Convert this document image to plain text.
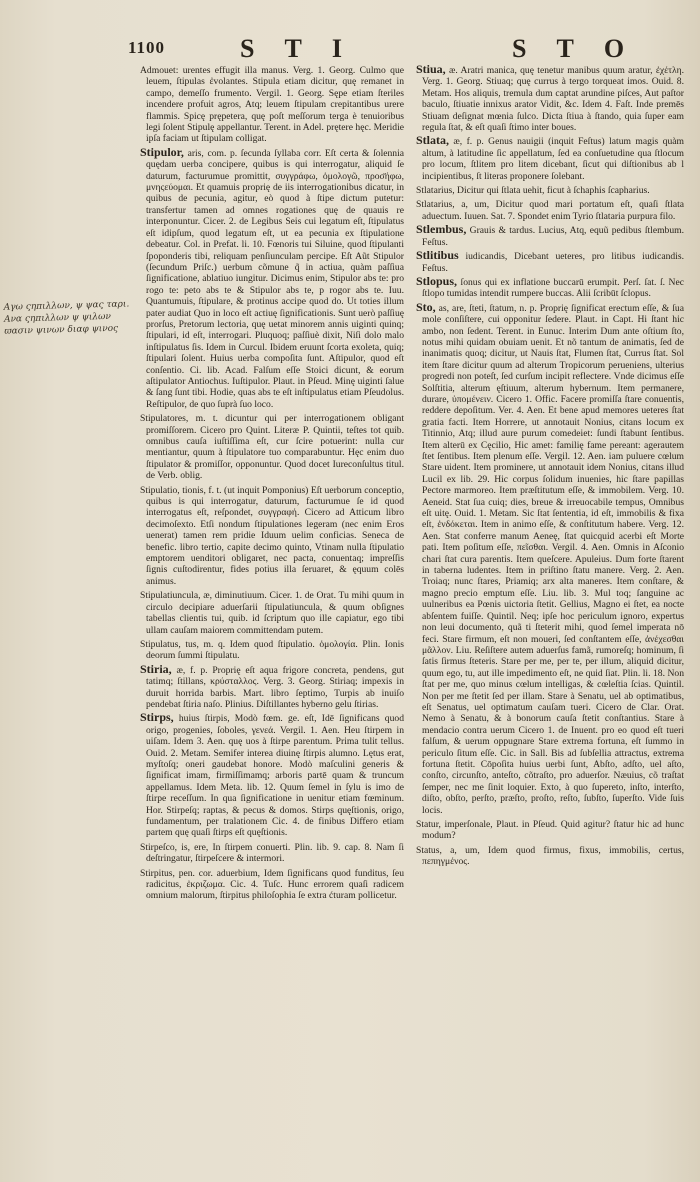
1100	S T I	S T O
Αγω ςηπιλλων, ψ ψας ταρι. Ανα ςηπιλλων ψ ψιλων ϖασιν ψινων διαφ ψινος

Admouet: urentes effugit illa manus. Verg. 1. Georg. Culmo que leuem, ſtipulas ἐvolantes. Stipula etiam dicitur, quę remanet in campo, demeſſo frumento. Vergil. 1. Georg. Sępe etiam ſteriles incendere profuit agros, Atq; leuem ſtipulam crepitantibus urere flammis. Spicę prępetera, quę poſt meſſorum terga è tenuioribus legi ſolent Stipulę appellantur. Terent. in Adel. prętere hęc. Meridie ipſa faciam ut ſtipulam colligat.

Stipulor, aris, com. p. ſecunda ſyllaba corr. Eſt certa & ſolennia quędam uerba concipere, quibus is qui interrogatur, aliquid ſe daturum, facturumue promittit, συγγράφω, ὁμολογῶ, προσ̈ήφω, μνηςεύομαι. Et quamuis proprię de iis interrogationibus dicatur, in quibus de pecunia, agitur, eò quod à ſtipe dictum putetur: transfertur tamen ad omnes rogationes quę de quauis re interponuntur. Cicer. 2. de Legibus Seis cui legatum eſt, ſtipulatus eſt idipſum, quod legatum eſt, ut ea pecunia ex ſtipulatione debeatur. Col. in Prefat. li. 10. Fœnoris tui Siluine, quod ſtipulanti ſpoponderis tibi, reliquam penſiunculam percipe. Eſt Aũt Stipulor (ſecundum Priſc.) uerbum cõmune q̃ in actiua, quàm paſſiua ſignificatione, ablatiuo iungitur. Dicimus enim, Stipulor abs te: pro rogo te: peto abs te & Stipulor abs te, p rogor abs te. Iuu. Quantumuis, ſtipulare, & protinus accipe quod do. Ut toties illum pater audiat Quo in loco eſt actiuę ſignificationis. Sunt uerò paſſiuę prorſus, Pretorum lectoria, quę uetat minorem annis uiginti quinq; ſtipulari, id eſt, interrogari. Pluquoq; paſſiuè dixit, Niſi dolo malo inſtipulatus ſis. Idem in Curcul. Ibidem eruunt ſcorta exoleta, quiq; ſtipulari ſolent. Huius uerba compoſita ſunt. Aſtipulor, quod eſt conſentio. Ci. lib. Acad. Falſum eſſe Stoici dicunt, & eorum aſtipulator Antiochus. Iuſtipulor. Plaut. in Pſeud. Minę uiginti ſalue & ſang ſunt tibi. Hodie, quas abs te eſt inſtipulatus etiam Pſeudolus. Reſtipulor, de quo ſuprà ſuo loco.

Stipulatores, m. t. dicuntur qui per interrogationem obligant promiſſorem. Cicero pro Quint. Literæ P. Quintii, teſtes tot quib. omnibus cauſa iuſtiſſima eſt, cur ſcire potuerint: nulla cur mentiantur, quum à ſtipulatore tuo comparabuntur. Hęc enim duo ſtipulator & promiſſor, opponuntur. Quod docet Iureconſultus titul. de Verb. oblig.

Stipulatio, tionis, f. t. (ut inquit Pomponius) Eſt uerborum conceptio, quibus is qui interrogatur, daturum, facturumue ſe id quod interrogatus eſt, reſpondet, συγγραφή. Cicero ad Atticum libro decimoſexto. Etſi nondum ſtipulationes legeram (nec enim Eros uenerat) tamen rem pridie Iduum uelim conficias. Seneca de benefic. libro tertio, capite decimo quinto, Vtinam nulla ſtipulatio emptorem uenditori obligaret, nec pacta, conuentaq; impreſſis ſignis cuſtodirentur, fides potius illa ſeruaret, & ęquum colēs animus.

Stipulatiuncula, æ, diminutiuum. Cicer. 1. de Orat. Tu mihi quum in circulo decipiare aduerſarii ſtipulatiuncula, & quum obſignes tabellas clientis tui, quib. id ſcriptum quo ille capiatur, ego tibi ullam cauſam maiorem committendam putem.

Stipulatus, tus, m. q. Idem quod ſtipulatio. ὁμολογία. Plin. Ionis deorum ſummi ſtipulatu.

Stiria, æ, f. p. Proprię eſt aqua frigore concreta, pendens, gut tatimq; ſtillans, κρύσταλλος. Verg. 3. Georg. Stiriaq; impexis in duruit horrida barbis. Mart. libro ſeptimo, Turpis ab inuiſo pendebat ſtiria naſo. Plinius. Diſtillantes hyberno gelu ſtirias.

Stirps, huius ſtirpis, Modò fœm. ge. eſt, Idē ſignificans quod origo, progenies, ſoboles, γενεά. Vergil. 1. Aen. Heu ſtirpem in uiſam. Idem 3. Aen. quę uos à ſtirpe parentum. Prima tulit tellus. Ouid. 2. Metam. Semifer interea diuinę ſtirpis alumno. Lętus erat, myſtoſq; oneri gaudebat honore. Modò maſculini generis & ſignificat imam, firmiſſimamq; arboris partē quam & truncum appellamus. Idem Meta. lib. 12. Quum ſemel in ſylu is imo de ſtirpe receſſum. In qua ſignificatione in uenitur etiam fœminum. Hor. Stirpeſq; raptas, & pecus & domos. Stirps quęſtionis, origo, fundamentum, per tralationem Cic. 4. de finibus Differo etiam partem quę quaſi ſtirps eſt quęſtionis.

Stirpeſco, is, ere, In ſtirpem conuerti. Plin. lib. 9. cap. 8. Nam ſi deſtringatur, ſtirpeſcere & intermori.

Stirpitus, pen. cor. aduerbium, Idem ſignificans quod funditus, ſeu radicitus, ἐκριζωμα. Cic. 4. Tuſc. Hunc errorem quaſi radicem omnium malorum, ſtirpitus philoſophia ſe extra ćturam pollicetur.

Stiua, æ. Aratri manica, quę tenetur manibus quum aratur, ἐχέτλη. Verg. 1. Georg. Stiuaq; quę currus à tergo torqueat imos. Ouid. 8. Metam. Hos aliquis, tremula dum captat arundine piſces, Aut paſtor baculo, ſtiuatie innixus arator Vidit, &c. Idem 4. Faſt. Inde premēs Stiuam deſignat mœnia ſulco. Dicta ſtiua à ſtando, quia ſuper eam regula ſtat, & eſt quaſi ſtimo inter boues.

Stlata, æ, f. p. Genus nauigii (inquit Feſtus) latum magis quàm altum, à latitudine ſic appellatum, ſed ea conſuetudine qua ſtlocum pro locum, ſtlitem pro litem dicebant, ſicut qui diſtionibus ab l incipientibus, ſt literas proponere ſolebant.

Stlatarius, Dicitur qui ſtlata uehit, ficut à ſchaphis ſcapharius.

Stlatarius, a, um, Dicitur quod mari portatum eſt, quaſi ſtlata aduectum. Iuuen. Sat. 7. Spondet enim Tyrio ſtlataria purpura filo.

Stlembus, Grauis & tardus. Lucius, Atq, equũ pedibus ſtlembum. Feſtus.

Stlitibus iudicandis, Dicebant ueteres, pro litibus iudicandis. Feſtus.

Stlopus, ſonus qui ex inflatione buccarū erumpit. Perſ. ſat. ſ. Nec ſtlopo tumidas intendit rumpere buccas. Alii ſcribūt ſclopus.

Sto, as, are, ſteti, ſtatum, n. p. Proprię ſignificat erectum eſſe, & ſua mole conſiſtere, cui opponitur ſedere. Plaut. in Capt. Hi ſtant hic ambo, non ſedent. Terent. in Eunuc. Interim Dum ante oſtium ſto, notus mihi quidam obuiam uenit. Et nõ tantum de animatis, ſed de inanimatis quoq; dicitur, ut Nauis ſtat, Flumen ſtat, Currus ſtat. Sol item ſtare dicitur quum ad alterum Tropicorum perueniens, ulterius progredi non poteſt, ſed curſum incipit reflectere. Vnde dicimus eſſe Solſtitia, alterum ęſtiuum, alterum hybernum. Item permanere, durare, ὑπομένειν. Cicero 1. Offic. Facere promiſſa ſtare conuentis, reddere depoſitum. Ver. 4. Aen. Et bene apud memores ueteres ſtat gratia facti. Item Horrere, ut annotauit Nonius, citans locum ex Titinnio, Atq; illud aure purum comedeiet: ſundi ſtabunt ſentibus. Item alterū ex Cęcilio, Hic amet: familię fame pereant: agerautem ſtet ſentibus. Item plenum eſſe. Vergil. 12. Aen. iam puluere cœlum Stare uident. Item prominere, ut annotauit idem Nonius, citans illud Lucil ex lib. 29. Hic corpus ſolidum inuenies, hic ſtare papillas Pectore marmoreo. Item præſtitutum eſſe, & immobilem. Verg. 10. Aeneid. Stat ſua cuiq; dies, breue & irreuocabile tempus, Omnibus eſt uitę. Ouid. 1. Metam. Sic ſtat ſententia, id eſt, immobilis & fixa eſt, ἐνδόκεται. Item in animo eſſe, & conſtitutum habere. Verg. 12. Aen. Stat conferre manum Aeneę, ſtat quicquid acerbi eſt Morte pati. Item poſitum eſſe, πεῖσθαι. Vergil. 4. Aen. Omnis in Aſconio chari ſtat cura parentis. Item queſcere. Apuleius. Dum forte ſtarent in taberna ludentes. Item in priſtino ſtatu manere. Verg. 2. Aen. Troiaq; nunc ſtares, Priamiq; arx alta maneres. Item conſtare, & magno precio emptum eſſe. Liu. lib. 3. Mul toq; ſanguine ac uulneribus ea Pœnis uictoria ſtetit. Gellius, Magno ei ſtet, ea nocte abſentem fuiſſe. Quintil. Neq; ipſe hoc periculum ignoro, expertus non leui documento, quã ti ſteterit mihi, quod ſemel imperata nō feci. Stare firmum, eſt non moueri, ſed conſtantem eſſe, ἀνέχεσθαι μᾶλλον. Liu. Reſiſtere autem aduerſus famã, rumoreſq; hominum, ſi ſatis ſirmus ſteteris. Stare per me, per te, per illum, aliquid dicitur, quum ego, tu, aut ille impedimento eſt, ne quid ſiat. Plin. li. 18. Non ſtat per me, quo minus cœlum intelligas, & cœleſtia ſcias. Quintil. Non per me ſtetit ſed per illam. Stare à Senatu, uel ab optimatibus, eſt Senatus, uel optimatum cauſam tueri. Cicero de Clar. Orat. Nemo à Senatu, & à bonorum cauſa ſtetit conſtantius. Stare à mendacio contra uerum Cicero 1. de Inuent. pro eo quod eſt tueri falſum, & uerum oppugnare Stare extrema fortuna, eſt ſummo in periculo ſitum eſſe. Cic. in Sall. Bis ad ſubſellia attractus, extrema fortuna ſtetit. Cōpoſita huius uerbi ſunt, Abſto, adſto, uel aſto, conſto, circunſto, anteſto, cõtraſto, pro aduerſor. Næuius, cõ traſtat ſemper, nec me ſinit loquier. Exto, à quo ſupereto, inſto, interſto, diſto, obſto, perſto, præſto, proſto, reſto, ſubſto, ſuperſto. Vide ſuis locis.

Statur, imperſonale, Plaut. in Pſeud. Quid agitur? ſtatur hic ad hunc modum?

Status, a, um, Idem quod firmus, fixus, immobilis, certus, πεπηγμένος.
